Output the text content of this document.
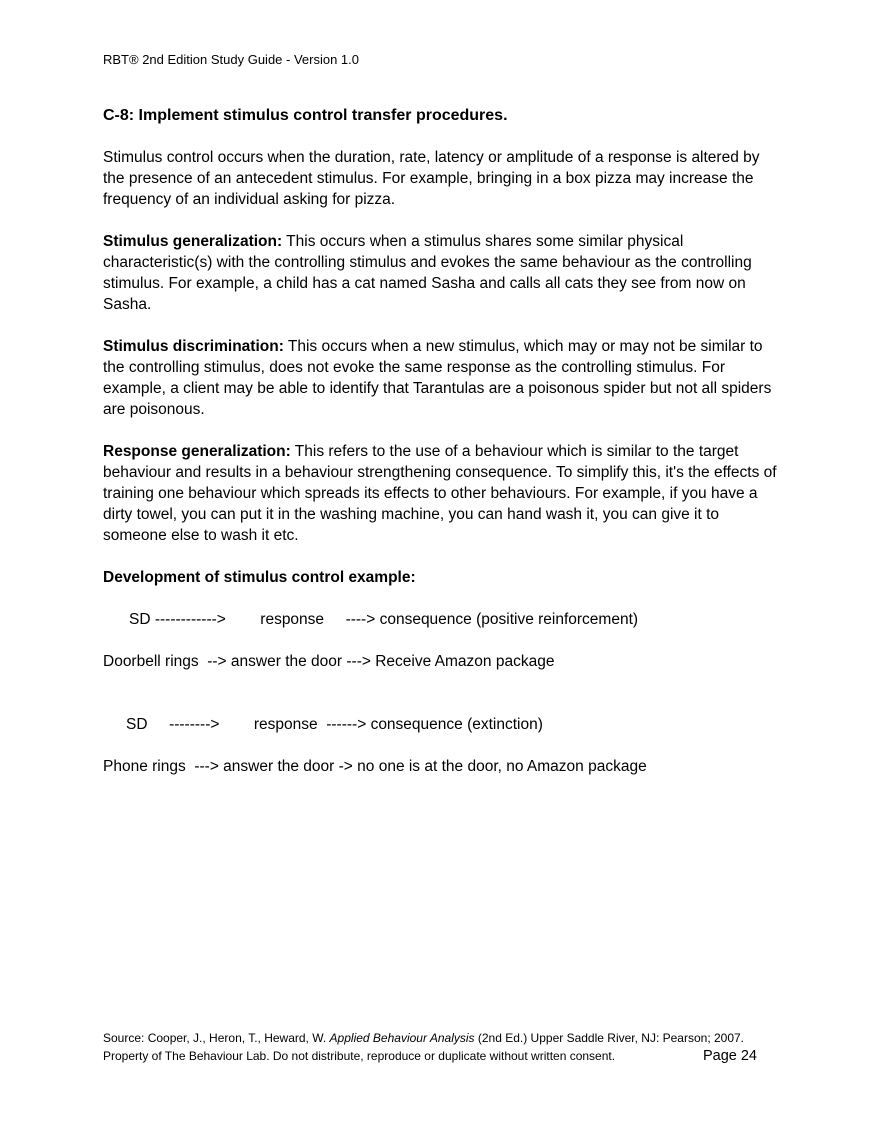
RBT® 2nd Edition Study Guide - Version 1.0
C-8: Implement stimulus control transfer procedures.

Stimulus control occurs when the duration, rate, latency or amplitude of a response is altered by the presence of an antecedent stimulus. For example, bringing in a box pizza may increase the frequency of an individual asking for pizza.

Stimulus generalization: This occurs when a stimulus shares some similar physical characteristic(s) with the controlling stimulus and evokes the same behaviour as the controlling stimulus. For example, a child has a cat named Sasha and calls all cats they see from now on Sasha.

Stimulus discrimination: This occurs when a new stimulus, which may or may not be similar to the controlling stimulus, does not evoke the same response as the controlling stimulus. For example, a client may be able to identify that Tarantulas are a poisonous spider but not all spiders are poisonous.

Response generalization: This refers to the use of a behaviour which is similar to the target behaviour and results in a behaviour strengthening consequence. To simplify this, it's the effects of training one behaviour which spreads its effects to other behaviours. For example, if you have a dirty towel, you can put it in the washing machine, you can hand wash it, you can give it to someone else to wash it etc.

Development of stimulus control example:

SD ------------>        response     ----> consequence (positive reinforcement)

Doorbell rings  --> answer the door ---> Receive Amazon package

SD     -------->        response  ------> consequence (extinction)

Phone rings  ---> answer the door -> no one is at the door, no Amazon package

Source: Cooper, J., Heron, T., Heward, W. Applied Behaviour Analysis (2nd Ed.) Upper Saddle River, NJ: Pearson; 2007.
Property of The Behaviour Lab. Do not distribute, reproduce or duplicate without written consent.	Page 24
